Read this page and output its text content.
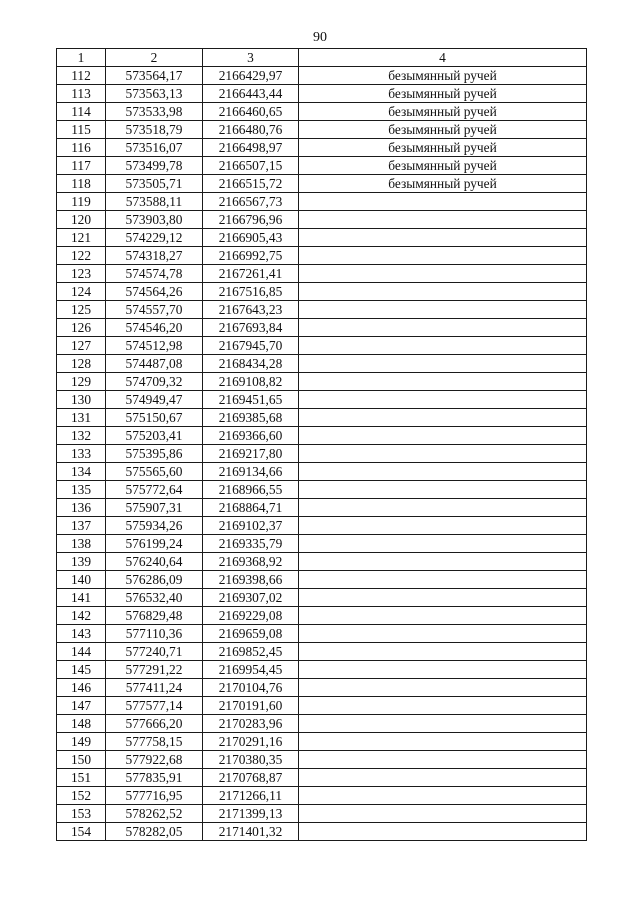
90
1	2	3	4
112	573564,17	2166429,97	безымянный ручей
113	573563,13	2166443,44	безымянный ручей
114	573533,98	2166460,65	безымянный ручей
115	573518,79	2166480,76	безымянный ручей
116	573516,07	2166498,97	безымянный ручей
117	573499,78	2166507,15	безымянный ручей
118	573505,71	2166515,72	безымянный ручей
119	573588,11	2166567,73	
120	573903,80	2166796,96	
121	574229,12	2166905,43	
122	574318,27	2166992,75	
123	574574,78	2167261,41	
124	574564,26	2167516,85	
125	574557,70	2167643,23	
126	574546,20	2167693,84	
127	574512,98	2167945,70	
128	574487,08	2168434,28	
129	574709,32	2169108,82	
130	574949,47	2169451,65	
131	575150,67	2169385,68	
132	575203,41	2169366,60	
133	575395,86	2169217,80	
134	575565,60	2169134,66	
135	575772,64	2168966,55	
136	575907,31	2168864,71	
137	575934,26	2169102,37	
138	576199,24	2169335,79	
139	576240,64	2169368,92	
140	576286,09	2169398,66	
141	576532,40	2169307,02	
142	576829,48	2169229,08	
143	577110,36	2169659,08	
144	577240,71	2169852,45	
145	577291,22	2169954,45	
146	577411,24	2170104,76	
147	577577,14	2170191,60	
148	577666,20	2170283,96	
149	577758,15	2170291,16	
150	577922,68	2170380,35	
151	577835,91	2170768,87	
152	577716,95	2171266,11	
153	578262,52	2171399,13	
154	578282,05	2171401,32	
